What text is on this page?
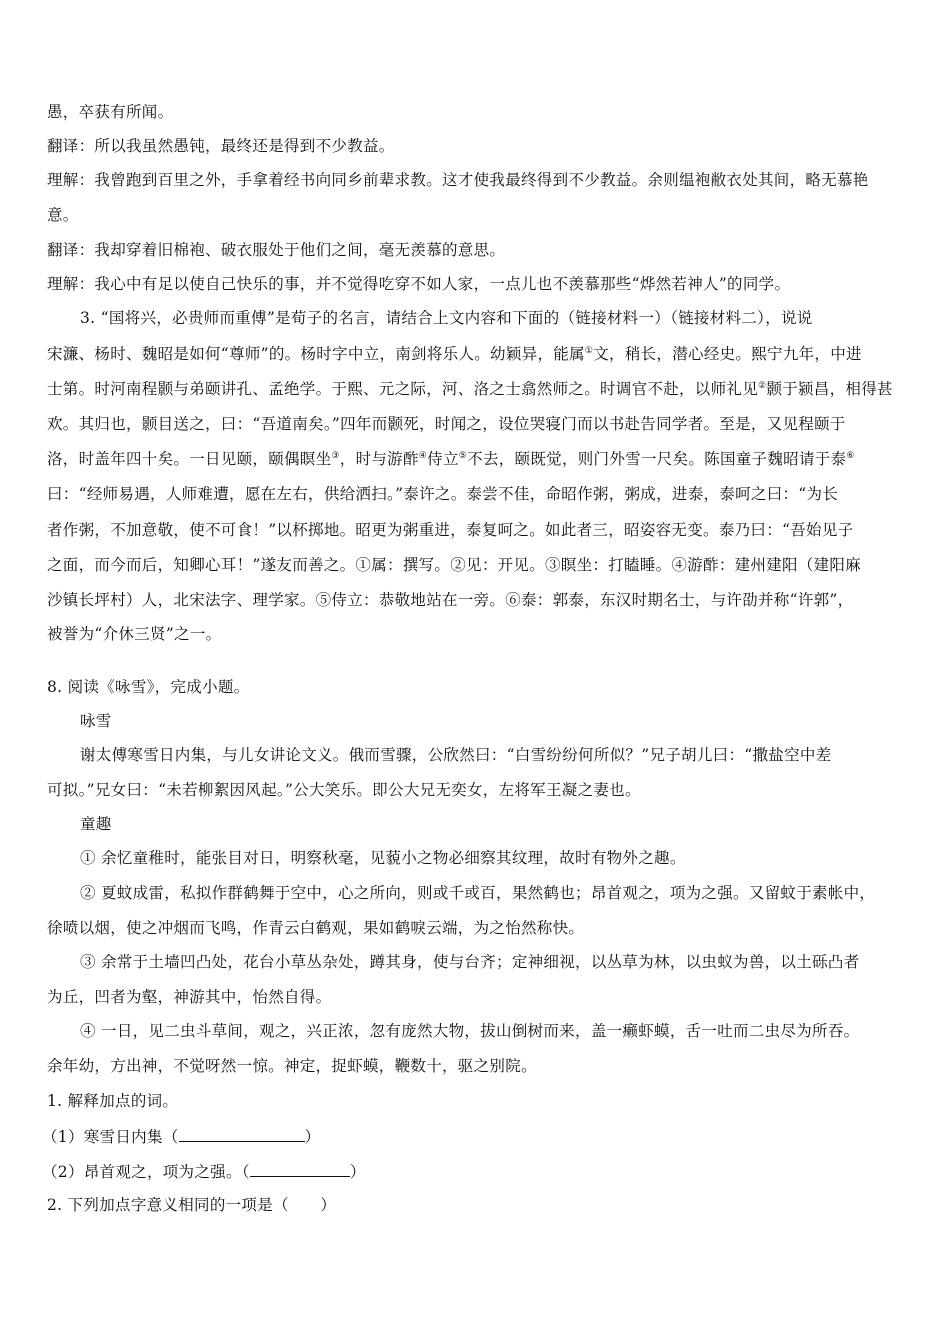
愚，卒获有所闻。
翻译：所以我虽然愚钝，最终还是得到不少教益。
理解：我曾跑到百里之外，手拿着经书向同乡前辈求教。这才使我最终得到不少教益。余则缊袍敝衣处其间，略无慕艳
意。
翻译：我却穿着旧棉袍、破衣服处于他们之间，毫无羡慕的意思。
理解：我心中有足以使自己快乐的事，并不觉得吃穿不如人家，一点儿也不羡慕那些“烨然若神人”的同学。
3. “国将兴，必贵师而重傅”是荀子的名言，请结合上文内容和下面的（链接材料一）（链接材料二），说说
宋濂、杨时、魏昭是如何“尊师”的。杨时字中立，南剑将乐人。幼颖异，能属①文，稍长，潜心经史。熙宁九年，中进
士第。时河南程颢与弟颐讲孔、孟绝学。于熙、元之际，河、洛之士翕然师之。时调官不赴，以师礼见②颢于颍昌，相得甚
欢。其归也，颢目送之，曰：“吾道南矣。”四年而颢死，时闻之，设位哭寝门而以书赴告同学者。至是，又见程颐于
洛，时盖年四十矣。一日见颐，颐偶瞑坐③，时与游酢④侍立⑤不去，颐既觉，则门外雪一尺矣。陈国童子魏昭请于泰⑥
曰：“经师易遇，人师难遭，愿在左右，供给洒扫。”泰许之。泰尝不佳，命昭作粥，粥成，进泰，泰呵之曰：“为长
者作粥，不加意敬，使不可食！”以杯掷地。昭更为粥重进，泰复呵之。如此者三，昭姿容无变。泰乃曰：“吾始见子
之面，而今而后，知卿心耳！”遂友而善之。①属：撰写。②见：开见。③瞑坐：打瞌睡。④游酢：建州建阳（建阳麻
沙镇长坪村）人，北宋法字、理学家。⑤侍立：恭敬地站在一旁。⑥泰：郭泰，东汉时期名士，与许劭并称“许郭”，
被誉为“介休三贤”之一。
8. 阅读《咏雪》，完成小题。
咏雪
谢太傅寒雪日内集，与儿女讲论文义。俄而雪骤，公欣然曰：“白雪纷纷何所似？”兄子胡儿曰：“撒盐空中差
可拟。”兄女曰：“未若柳絮因风起。”公大笑乐。即公大兄无奕女，左将军王凝之妻也。
童趣
① 余忆童稚时，能张目对日，明察秋毫，见藐小之物必细察其纹理，故时有物外之趣。
② 夏蚊成雷，私拟作群鹤舞于空中，心之所向，则或千或百，果然鹤也；昂首观之，项为之强。又留蚊于素帐中，
徐喷以烟，使之冲烟而飞鸣，作青云白鹤观，果如鹤唳云端，为之怡然称快。
③ 余常于土墙凹凸处，花台小草丛杂处，蹲其身，使与台齐；定神细视，以丛草为林，以虫蚁为兽，以土砾凸者
为丘，凹者为壑，神游其中，怡然自得。
④ 一日，见二虫斗草间，观之，兴正浓，忽有庞然大物，拔山倒树而来，盖一癞虾蟆，舌一吐而二虫尽为所吞。
余年幼，方出神，不觉呀然一惊。神定，捉虾蟆，鞭数十，驱之别院。
1. 解释加点的词。
（1）寒雪日内集（	）
（2）昂首观之，项为之强。（	）
2. 下列加点字意义相同的一项是（　　）
